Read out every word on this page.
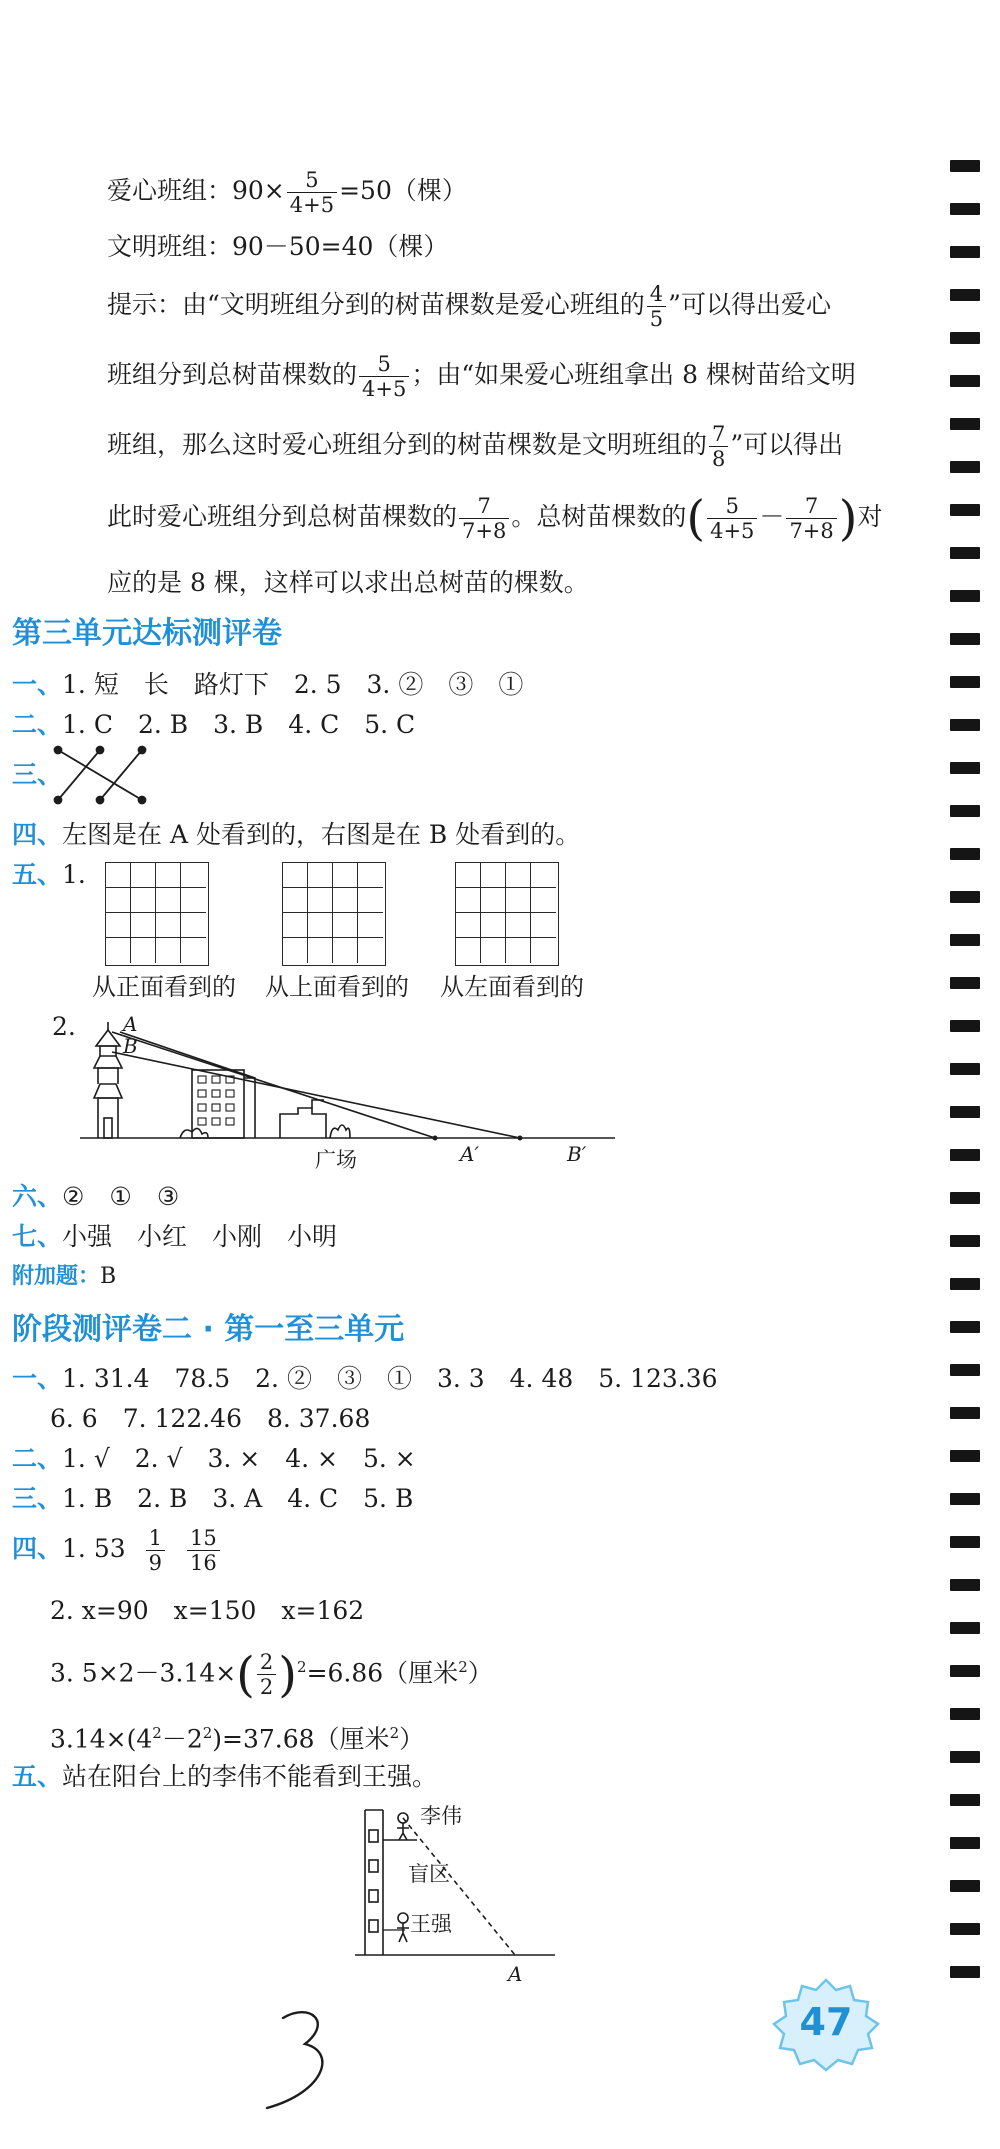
爱心班组：$90\times \frac{5}{4+5} =50$（棵）
文明班组：90－50=40（棵）
提示：由“文明班组分到的树苗棵数是爱心班组的 $\frac{4}{5}$ ”可以得出爱心
班组分到总树苗棵数的 $\frac{5}{4+5}$ ；由“如果爱心班组拿出 8 棵树苗给文明
班组，那么这时爱心班组分到的树苗棵数是文明班组的 $\frac{7}{8}$ ”可以得出
此时爱心班组分到总树苗棵数的 $\frac{7}{7+8}$ 。总树苗棵数的( $\frac{5}{4+5} - \frac{7}{7+8}$ )对
应的是 8 棵，这样可以求出总树苗的棵数。
第三单元达标测评卷
一、1. 短　长　路灯下　2. 5　3. ②　③　①
二、1. C　2. B　3. B　4. C　5. C
三、
四、左图是在 A 处看到的，右图是在 B 处看到的。
五、1.
从正面看到的 从上面看到的 从左面看到的
2. A
B
广场	A′	B′
六、②　①　③
七、小强　小红　小刚　小明
附加题：B
阶段测评卷二 · 第一至三单元
一、1. 31.4　78.5　2. ②　③　①　3. 3　4. 48　5. 123.36
6. 6　7. 122.46　8. 37.68
二、1. √　2. √　3. ×　4. ×　5. ×
三、1. B　2. B　3. A　4. C　5. B
四、1. $53 \frac{1}{9} \frac{15}{16}$
2. x=90　x=150　x=162
3. $5\times 2-3.14\times( \frac{2}{2} )^2=6.86$（厘米$^2$）
$3.14\times(4^2-2^2)=37.68$（厘米$^2$）
五、站在阳台上的李伟不能看到王强。
李伟
盲区
王强
A
47
